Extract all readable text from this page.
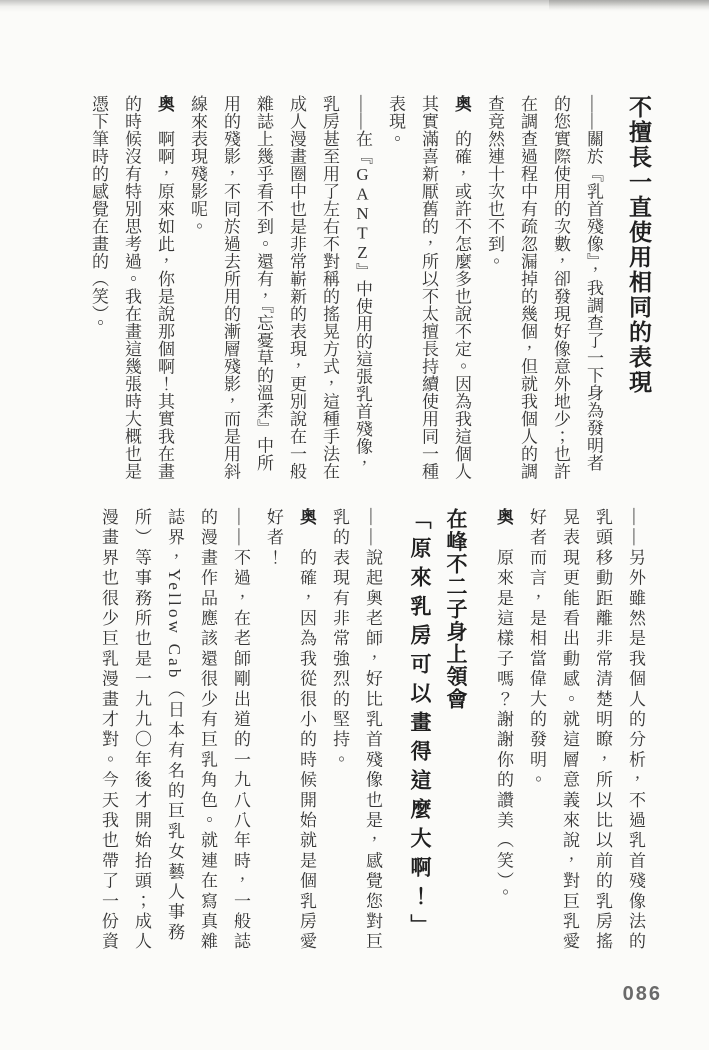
不擅長一直使用相同的表現

——關於『乳首殘像』，我調查了一下身為發明者的您實際使用的次數，卻發現好像意外地少；也許在調查過程中有疏忽漏掉的幾個，但就我個人的調查竟然連十次也不到。

奥　的確，或許不怎麼多也說不定。因為我這個人其實滿喜新厭舊的，所以不太擅長持續使用同一種表現。

——在『GANTZ』中使用的這張乳首殘像，乳房甚至用了左右不對稱的搖晃方式，這種手法在成人漫畫圈中也是非常嶄新的表現，更別說在一般雜誌上幾乎看不到。還有，『忘憂草的溫柔』中所用的殘影，不同於過去所用的漸層殘影，而是用斜線來表現殘影呢。

奥　啊啊，原來如此，你是說那個啊！其實我在畫的時候沒有特別思考過。我在畫這幾張時大概也是憑下筆時的感覺在畫的（笑）。

——另外雖然是我個人的分析，不過乳首殘像法的乳頭移動距離非常清楚明瞭，所以比以前的乳房搖晃表現更能看出動感。就這層意義來說，對巨乳愛好者而言，是相當偉大的發明。

奥　原來是這樣子嗎？謝謝你的讚美（笑）。

在峰不二子身上領會
「原來乳房可以畫得這麼大啊！」

——說起奧老師，好比乳首殘像也是，感覺您對巨乳的表現有非常強烈的堅持。

奥　的確，因為我從很小的時候開始就是個乳房愛好者！

——不過，在老師剛出道的一九八八年時，一般誌的漫畫作品應該還很少有巨乳角色。就連在寫真雜誌界，Yellow Cab（日本有名的巨乳女藝人事務所）等事務所也是一九九〇年後才開始抬頭；成人漫畫界也很少巨乳漫畫才對。今天我也帶了一份資

086
